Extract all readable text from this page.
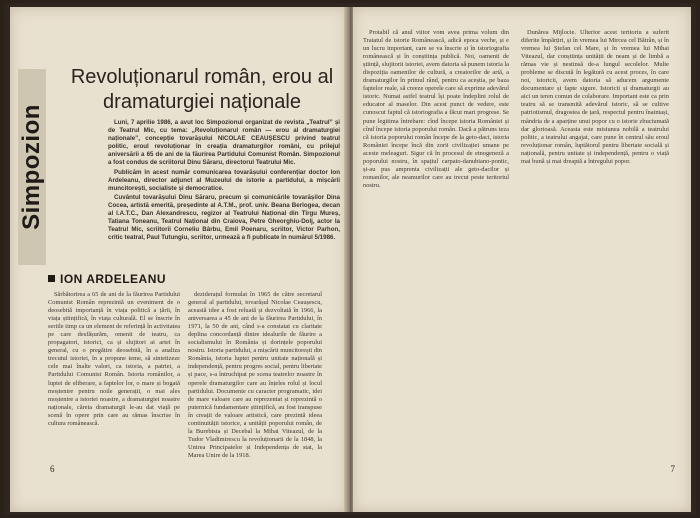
Simpozion
Revoluționarul român, erou al dramaturgiei naționale

Luni, 7 aprilie 1986, a avut loc Simpozionul organizat de revista „Teatrul” și de Teatrul Mic, cu tema: „Revoluționarul român — erou al dramaturgiei naționale”, concepție tovarășului NICOLAE CEAUȘESCU privind teatrul politic, eroul revoluționar în creația dramaturgilor români, cu prilejul aniversării a 65 de ani de la făurirea Partidului Comunist Român. Simpozionul a fost condus de scriitorul Dinu Săraru, directorul Teatrului Mic.

Publicăm în acest număr comunicarea tovarășului conferențiar doctor Ion Ardeleanu, director adjunct al Muzeului de istorie a partidului, a mișcării muncitorești, socialiste și democratice.

Cuvântul tovarășului Dinu Săraru, precum și comunicările tovarășilor Dina Cocea, artistă emerită, președinte al A.T.M., prof. univ. Beana Berlogea, decan al I.A.T.C., Dan Alexandrescu, regizor al Teatrului Național din Tîrgu Mureș, Tatiana Toneanu, Teatrul Național din Craiova, Petre Gheorghiu-Dolj, actor la Teatrul Mic, scriitorii Corneliu Bârbu, Emil Poenaru, scriitor, Victor Parhon, critic teatral, Paul Tutungiu, scriitor, urmează a fi publicate în numărul 5/1986.

ION ARDELEANU

Sărbătorirea a 65 de ani de la făurirea Partidului Comunist Român reprezintă un eveniment de o deosebită importanță în viața politică a țării, în viața științifică, în viața culturală. El se înscrie în seriile timp ca un element de referință în activitatea pe care desfășurăm, omenii de teatru, ca propagatori, istorici, ca și slujitori ai artei în general, cu o pregătire deosebită, în a analiza trecutul istoriei, în a propune teme, să sintetizeze cele mai înalte valori, ca istoria, a patriei, a Partidului Comunist Român. Istoria românilor, a luptei de eliberare, a faptelor lor, o mare și bogată moștenire pentru noile generații, o mai ales moștenire a istoriei noastre, a dramaturgiei noastre naționale, căreia dramaturgii le-au dat viață pe scenă în opere prin care au rămas înscrise în cultura românească.

deziderațul formulat în 1965 de către secretarul general al partidului, tovarășul Nicolae Ceaușescu, această idee a fost reluată și dezvoltată în 1966, la aniversarea a 45 de ani de la făurirea Partidului, în 1971, la 50 de ani, când s-a constatat cu claritate deplina concordanță dintre idealurile de făurire a socialismului în România și dorințele poporului nostru. Istoria partidului, a mișcării muncitorești din România, istoria luptei pentru unitate națională și independență, pentru progres social, pentru libertate și pace, s-a întruchipat pe scena teatrelor noastre în operele dramaturgilor care au înțeles rolul și locul partidului. Documente cu caracter programatic, idei de mare valoare care au reprezentat și reprezintă o puternică fundamentare științifică, au fost transpuse în creații de valoare artistică, care prezintă ideea continuității istorice, a unității poporului român, de la Burebista și Decebal la Mihai Viteazul, de la Tudor Vladimirescu la revoluționarii de la 1848, la Unirea Principatelor și Independența de stat, la Marea Unire de la 1918.

6

Protabil că anul viitor vom avea prima volum din Tratatul de istorie Românească, adică epoca veche, și e un lucru important, care se va înscrie și în istoriografia românească și în conștiința publică. Noi, oamenii de știință, slujitorii istoriei, avem datoria să punem istoria la dispoziția oamenilor de cultură, a creatorilor de artă, a dramaturgilor în primul rând, pentru ca aceștia, pe baza faptelor reale, să creeze operele care să exprime adevărul istoric. Numai astfel teatrul își poate îndeplini rolul de educator al maselor. Din acest punct de vedere, este cunoscut faptul că istoriografia a făcut mari progrese. Se pune legitima întrebare: cînd începe istoria României și cînd începe istoria poporului român. Dacă a pătruns teza că istoria poporului român începe de la geto-daci, istoria României începe încă din zorii civilizației umane pe aceste meleaguri. Sigur că în procesul de etnogeneză a poporului nostru, în spațiul carpato-danubiano-pontic, și-au pus amprenta civilizații ale geto-dacilor și romanilor, ale neamurilor care au trecut peste teritoriul nostru.

Dunărea Mijlocie. Ulterior acest teritoriu a suferit diferite împărțiri, și în vremea lui Mircea cel Bătrân, și în vremea lui Ștefan cel Mare, și în vremea lui Mihai Viteazul, dar conștiința unității de neam și de limbă a rămas vie și nestinsă de-a lungul secolelor. Multe probleme se discută în legătură cu acest proces, în care noi, istoricii, avem datoria să aducem argumente documentare și fapte sigure. Istoricii și dramaturgii au aici un teren comun de colaborare. Important este ca prin teatru să se transmită adevărul istoric, să se cultive patriotismul, dragostea de țară, respectul pentru înaintași, mândria de a aparține unui popor cu o istorie zbuciumată dar glorioasă. Aceasta este misiunea nobilă a teatrului politic, a teatrului angajat, care pune în centrul său eroul revoluționar român, luptătorul pentru libertate socială și națională, pentru unitate și independență, pentru o viață mai bună și mai dreaptă a întregului popor.

7
